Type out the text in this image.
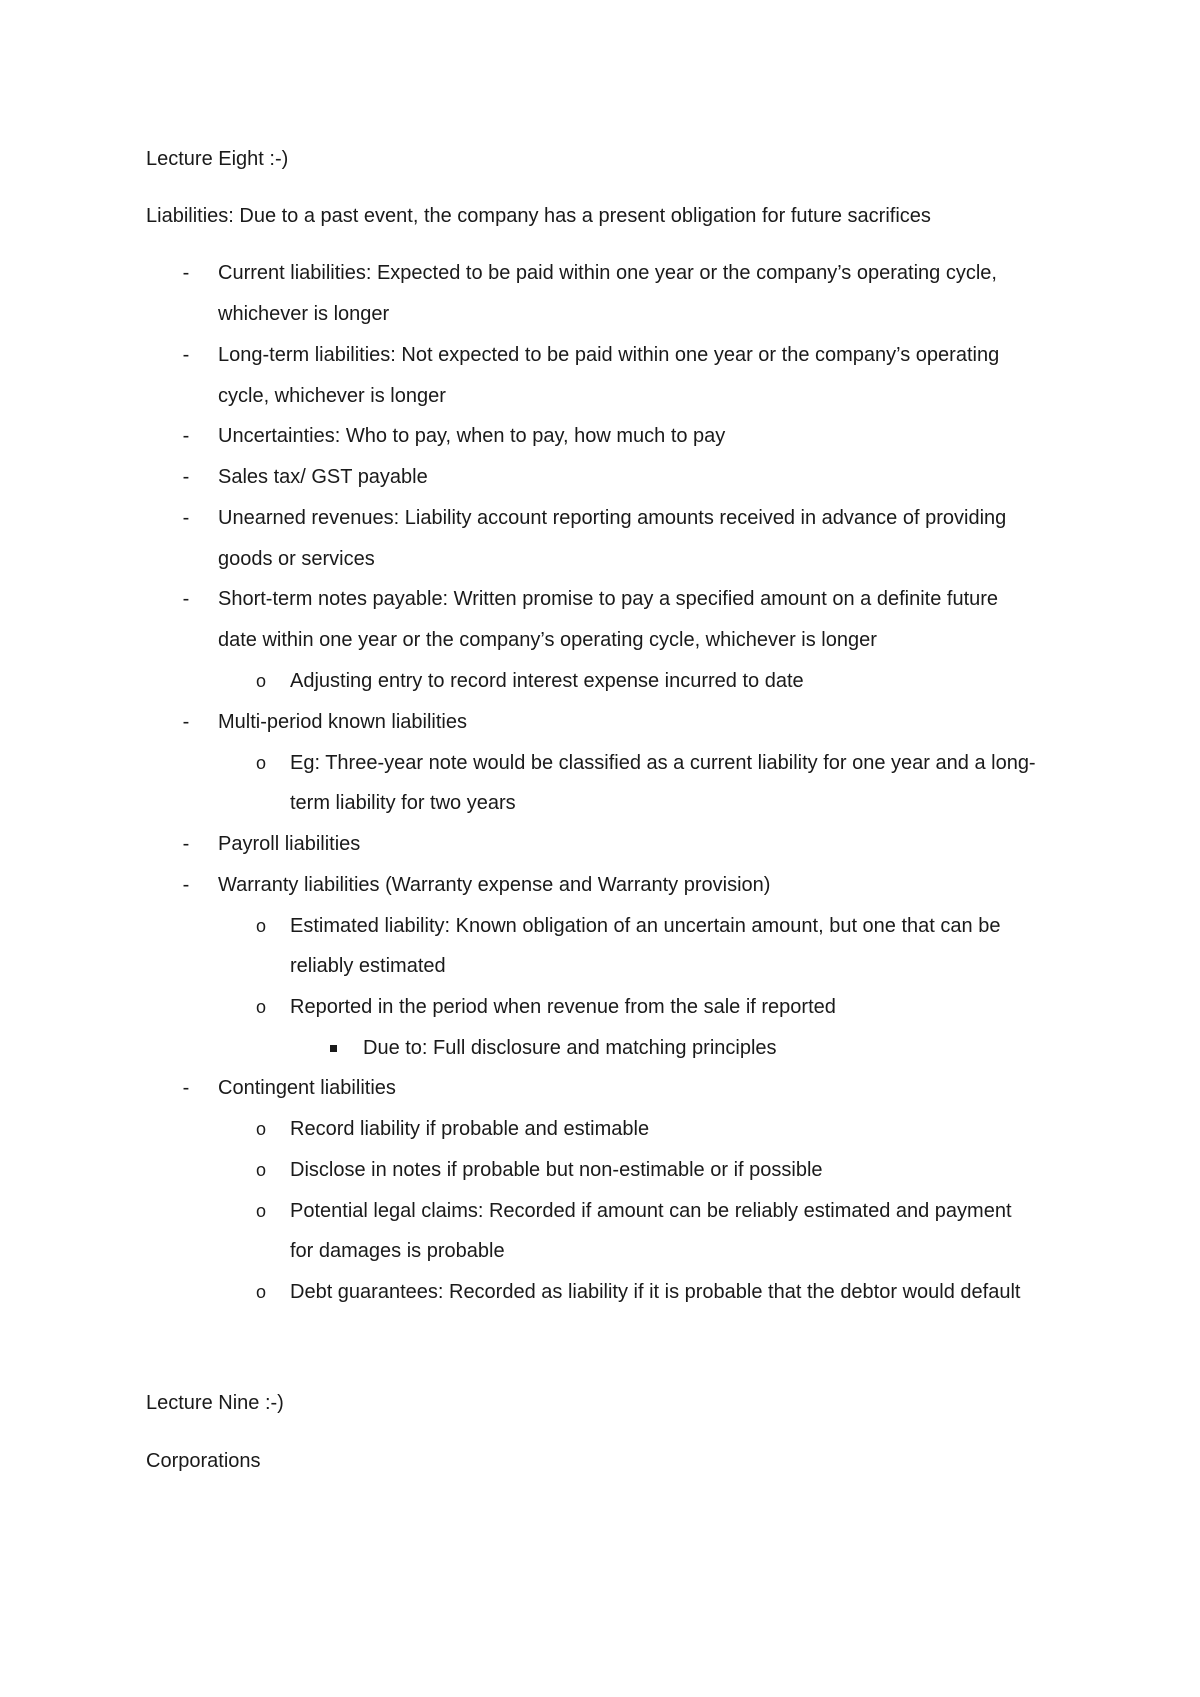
Lecture Eight :-)
Liabilities: Due to a past event, the company has a present obligation for future sacrifices
-	Current liabilities: Expected to be paid within one year or the company’s operating cycle,
whichever is longer
-	Long-term liabilities: Not expected to be paid within one year or the company’s operating
cycle, whichever is longer
-	Uncertainties: Who to pay, when to pay, how much to pay
-	Sales tax/ GST payable
-	Unearned revenues: Liability account reporting amounts received in advance of providing
goods or services
-	Short-term notes payable: Written promise to pay a specified amount on a definite future
date within one year or the company’s operating cycle, whichever is longer
o Adjusting entry to record interest expense incurred to date
-	Multi-period known liabilities
o Eg: Three-year note would be classified as a current liability for one year and a long-
term liability for two years
-	Payroll liabilities
-	Warranty liabilities (Warranty expense and Warranty provision)
o Estimated liability: Known obligation of an uncertain amount, but one that can be
reliably estimated
o Reported in the period when revenue from the sale if reported
Due to: Full disclosure and matching principles
-	Contingent liabilities
o Record liability if probable and estimable
o Disclose in notes if probable but non-estimable or if possible
o Potential legal claims: Recorded if amount can be reliably estimated and payment
for damages is probable
o Debt guarantees: Recorded as liability if it is probable that the debtor would default
Lecture Nine :-)
Corporations
